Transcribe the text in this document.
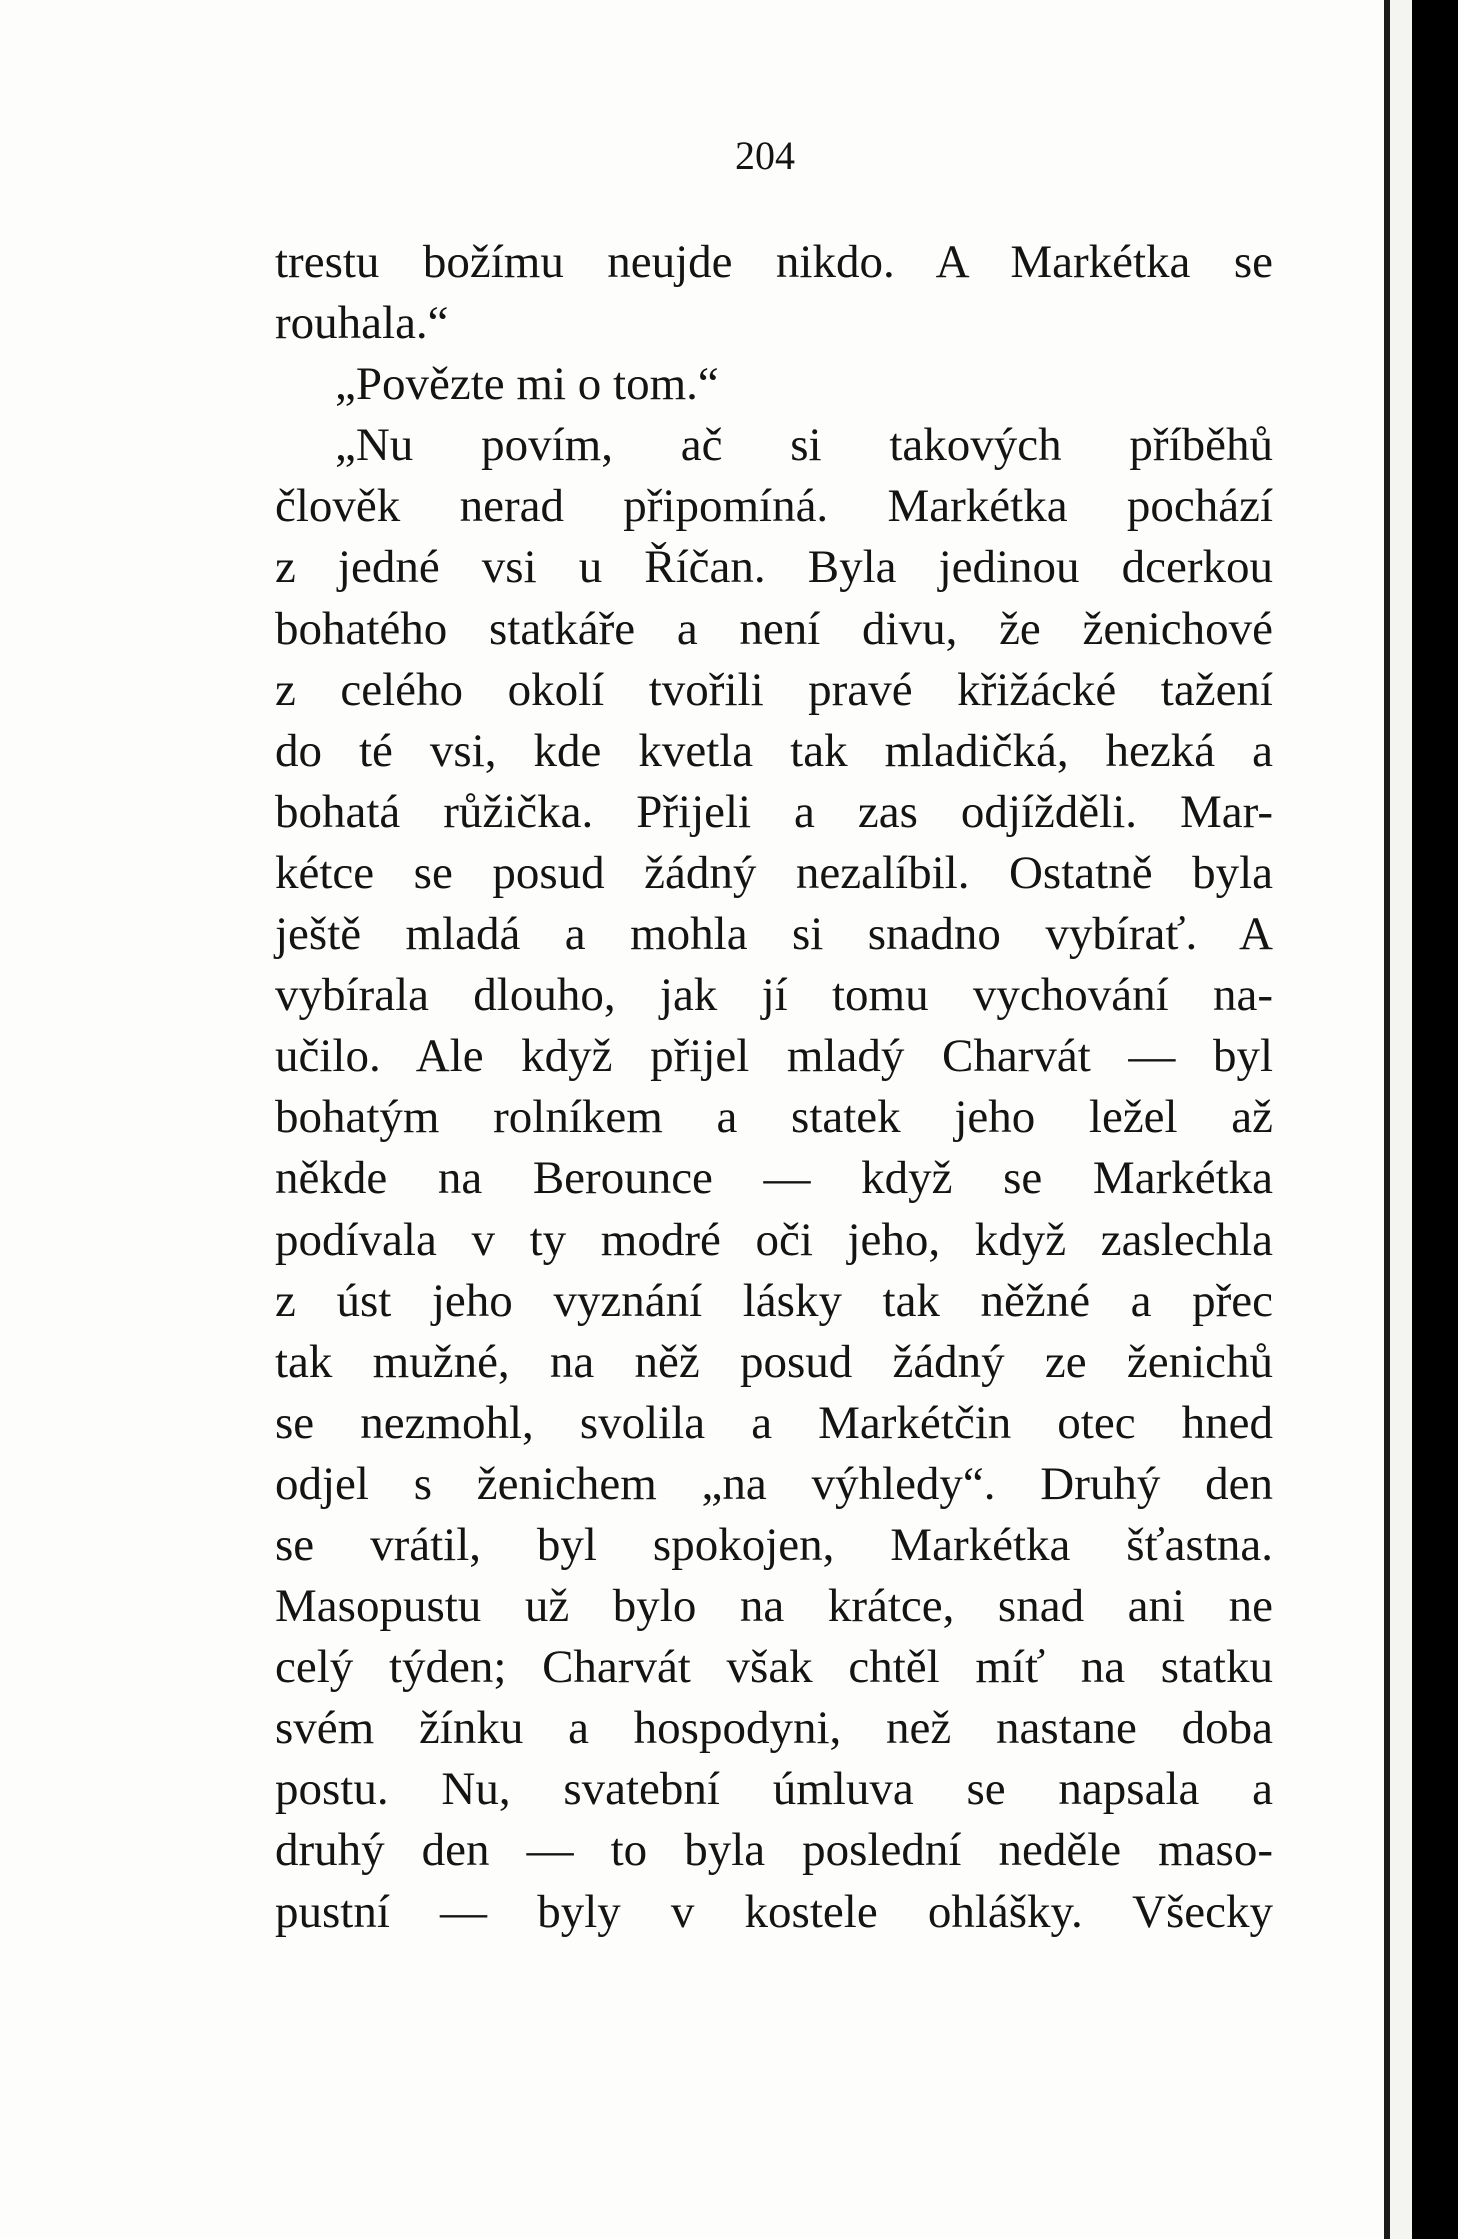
204
trestu božímu neujde nikdo. A Markétka se
rouhala.“
„Povězte mi o tom.“
„Nu povím, ač si takových příběhů
člověk nerad připomíná. Markétka pochází
z jedné vsi u Říčan. Byla jedinou dcerkou
bohatého statkáře a není divu, že ženichové
z celého okolí tvořili pravé křižácké tažení
do té vsi, kde kvetla tak mladičká, hezká a
bohatá růžička. Přijeli a zas odjížděli. Mar-
kétce se posud žádný nezalíbil. Ostatně byla
ještě mladá a mohla si snadno vybírať. A
vybírala dlouho, jak jí tomu vychování na-
učilo. Ale když přijel mladý Charvát — byl
bohatým rolníkem a statek jeho ležel až
někde na Berounce — když se Markétka
podívala v ty modré oči jeho, když zaslechla
z úst jeho vyznání lásky tak něžné a přec
tak mužné, na něž posud žádný ze ženichů
se nezmohl, svolila a Markétčin otec hned
odjel s ženichem „na výhledy“. Druhý den
se vrátil, byl spokojen, Markétka šťastna.
Masopustu už bylo na krátce, snad ani ne
celý týden; Charvát však chtěl míť na statku
svém žínku a hospodyni, než nastane doba
postu. Nu, svatební úmluva se napsala a
druhý den — to byla poslední neděle maso-
pustní — byly v kostele ohlášky. Všecky
